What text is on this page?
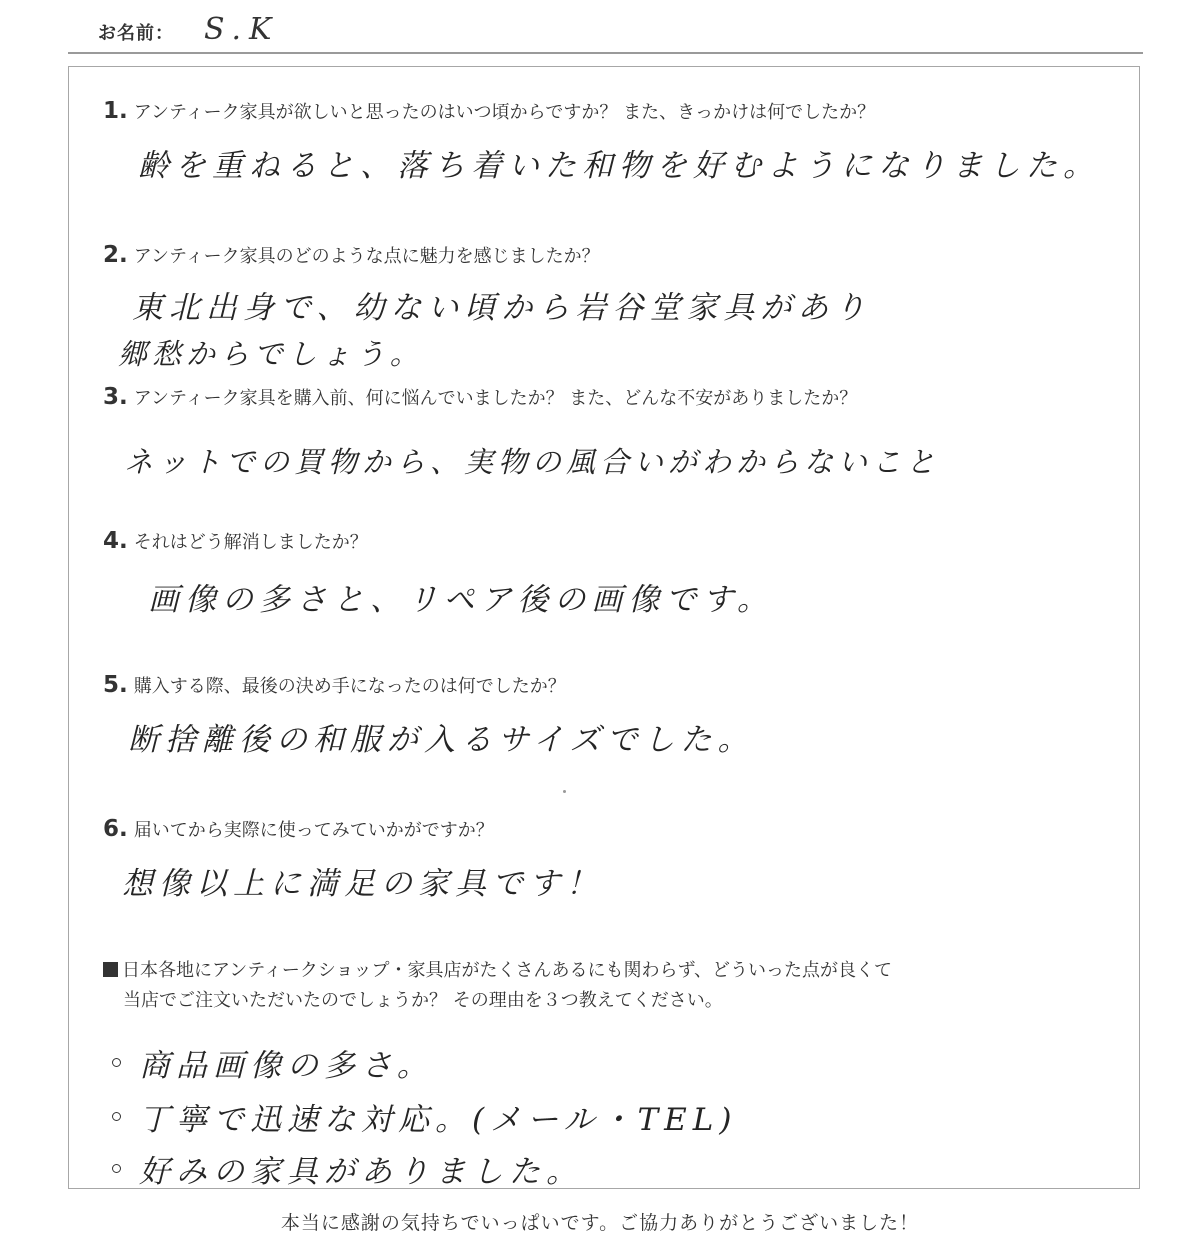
お名前： S.K
1. アンティーク家具が欲しいと思ったのはいつ頃からですか？ また、きっかけは何でしたか？
齢を重ねると、落ち着いた和物を好むようになりました。
2. アンティーク家具のどのような点に魅力を感じましたか？
東北出身で、幼ない頃から岩谷堂家具があり
郷愁からでしょう。
3. アンティーク家具を購入前、何に悩んでいましたか？ また、どんな不安がありましたか？
ネットでの買物から、実物の風合いがわからないこと
4. それはどう解消しましたか？
画像の多さと、リペア後の画像です。
5. 購入する際、最後の決め手になったのは何でしたか？
断捨離後の和服が入るサイズでした。
6. 届いてから実際に使ってみていかがですか？
想像以上に満足の家具です！
日本各地にアンティークショップ・家具店がたくさんあるにも関わらず、どういった点が良くて
当店でご注文いただいたのでしょうか？ その理由を３つ教えてください。
商品画像の多さ。
丁寧で迅速な対応。(メール・TEL)
好みの家具がありました。
本当に感謝の気持ちでいっぱいです。ご協力ありがとうございました！
